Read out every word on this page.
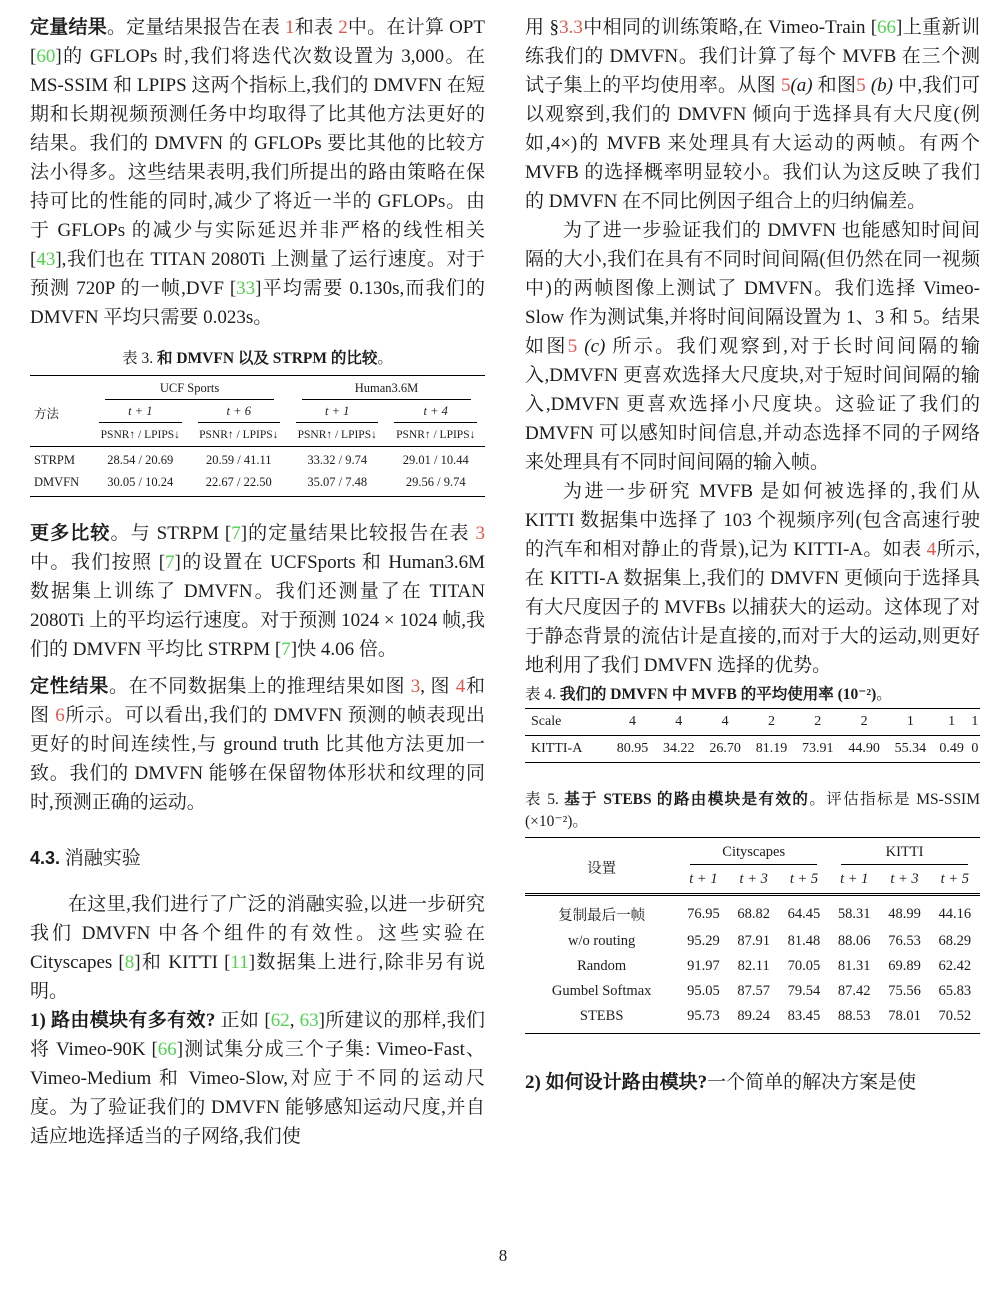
定量结果。定量结果报告在表 1和表 2中。在计算 OPT [60]的 GFLOPs 时,我们将迭代次数设置为 3,000。在 MS-SSIM 和 LPIPS 这两个指标上,我们的 DMVFN 在短期和长期视频预测任务中均取得了比其他方法更好的结果。我们的 DMVFN 的 GFLOPs 要比其他的比较方法小得多。这些结果表明,我们所提出的路由策略在保持可比的性能的同时,减少了将近一半的 GFLOPs。由于 GFLOPs 的减少与实际延迟并非严格的线性相关 [43],我们也在 TITAN 2080Ti 上测量了运行速度。对于预测 720P 的一帧,DVF [33]平均需要 0.130s,而我们的 DMVFN 平均只需要 0.023s。

表 3. 和 DMVFN 以及 STRPM 的比较。
方法	UCF Sports		Human3.6M	

	t + 1	t + 6	t + 1	t + 4

	PSNR↑ / LPIPS↓	PSNR↑ / LPIPS↓	PSNR↑ / LPIPS↓	PSNR↑ / LPIPS↓
STRPM	28.54 / 20.69	20.59 / 41.11	33.32 / 9.74	29.01 / 10.44
DMVFN	30.05 / 10.24	22.67 / 22.50	35.07 / 7.48	29.56 / 9.74

更多比较。与 STRPM [7]的定量结果比较报告在表 3中。我们按照 [7]的设置在 UCFSports 和 Human3.6M 数据集上训练了 DMVFN。我们还测量了在 TITAN 2080Ti 上的平均运行速度。对于预测 1024 × 1024 帧,我们的 DMVFN 平均比 STRPM [7]快 4.06 倍。

定性结果。在不同数据集上的推理结果如图 3, 图 4和图 6所示。可以看出,我们的 DMVFN 预测的帧表现出更好的时间连续性,与 ground truth 比其他方法更加一致。我们的 DMVFN 能够在保留物体形状和纹理的同时,预测正确的运动。

4.3. 消融实验

在这里,我们进行了广泛的消融实验,以进一步研究我们 DMVFN 中各个组件的有效性。这些实验在 Cityscapes [8]和 KITTI [11]数据集上进行,除非另有说明。

1) 路由模块有多有效? 正如 [62, 63]所建议的那样,我们将 Vimeo-90K [66]测试集分成三个子集: Vimeo-Fast、Vimeo-Medium 和 Vimeo-Slow,对应于不同的运动尺度。为了验证我们的 DMVFN 能够感知运动尺度,并自适应地选择适当的子网络,我们使

用 §3.3中相同的训练策略,在 Vimeo-Train [66]上重新训练我们的 DMVFN。我们计算了每个 MVFB 在三个测试子集上的平均使用率。从图 5(a) 和图5 (b) 中,我们可以观察到,我们的 DMVFN 倾向于选择具有大尺度(例如,4×)的 MVFB 来处理具有大运动的两帧。有两个 MVFB 的选择概率明显较小。我们认为这反映了我们的 DMVFN 在不同比例因子组合上的归纳偏差。

为了进一步验证我们的 DMVFN 也能感知时间间隔的大小,我们在具有不同时间间隔(但仍然在同一视频中)的两帧图像上测试了 DMVFN。我们选择 Vimeo-Slow 作为测试集,并将时间间隔设置为 1、3 和 5。结果如图5 (c) 所示。我们观察到,对于长时间间隔的输入,DMVFN 更喜欢选择大尺度块,对于短时间间隔的输入,DMVFN 更喜欢选择小尺度块。这验证了我们的 DMVFN 可以感知时间信息,并动态选择不同的子网络来处理具有不同时间间隔的输入帧。

为进一步研究 MVFB 是如何被选择的,我们从 KITTI 数据集中选择了 103 个视频序列(包含高速行驶的汽车和相对静止的背景),记为 KITTI-A。如表 4所示,在 KITTI-A 数据集上,我们的 DMVFN 更倾向于选择具有大尺度因子的 MVFBs 以捕获大的运动。这体现了对于静态背景的流估计是直接的,而对于大的运动,则更好地利用了我们 DMVFN 选择的优势。

表 4. 我们的 DMVFN 中 MVFB 的平均使用率 (10⁻²)。
Scale	4	4	4	2	2	2	1	1	1
KITTI-A	80.95	34.22	26.70	81.19	73.91	44.90	55.34	0.49	0
表 5. 基于 STEBS 的路由模块是有效的。评估指标是 MS-SSIM (×10⁻²)。
设置	Cityscapes			KITTI		

	t + 1	t + 3	t + 5	t + 1	t + 3	t + 5
复制最后一帧	76.95	68.82	64.45	58.31	48.99	44.16
w/o routing	95.29	87.91	81.48	88.06	76.53	68.29
Random	91.97	82.11	70.05	81.31	69.89	62.42
Gumbel Softmax	95.05	87.57	79.54	87.42	75.56	65.83
STEBS	95.73	89.24	83.45	88.53	78.01	70.52

2) 如何设计路由模块?一个简单的解决方案是使

8
